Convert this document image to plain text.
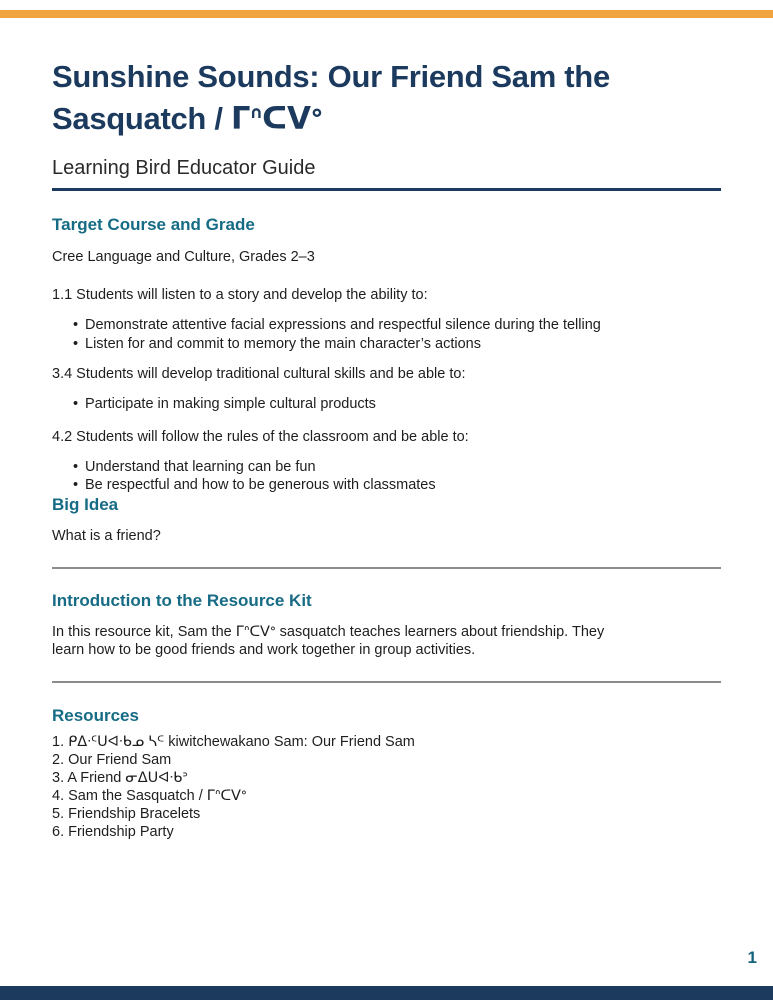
Sunshine Sounds: Our Friend Sam the
Sasquatch / ᒥᐢᑕᐯᐤ
Learning Bird Educator Guide
Target Course and Grade
Cree Language and Culture, Grades 2–3
1.1 Students will listen to a story and develop the ability to:
• Demonstrate attentive facial expressions and respectful silence during the telling
• Listen for and commit to memory the main character’s actions
3.4 Students will develop traditional cultural skills and be able to:
• Participate in making simple cultural products
4.2 Students will follow the rules of the classroom and be able to:
• Understand that learning can be fun
• Be respectful and how to be generous with classmates
Big Idea
What is a friend?
Introduction to the Resource Kit
In this resource kit, Sam the ᒥᐢᑕᐯᐤ sasquatch teaches learners about friendship. They
learn how to be good friends and work together in group activities.
Resources
1. ᑭᐃᐧᑦᑌᐊᐧᑲᓄ ᓴᒼ kiwitchewakano Sam: Our Friend Sam
2. Our Friend Sam
3. A Friend ᓂᐃᑌᐊᐧᑲᐣ
4. Sam the Sasquatch / ᒥᐢᑕᐯᐤ
5. Friendship Bracelets
6. Friendship Party
1
